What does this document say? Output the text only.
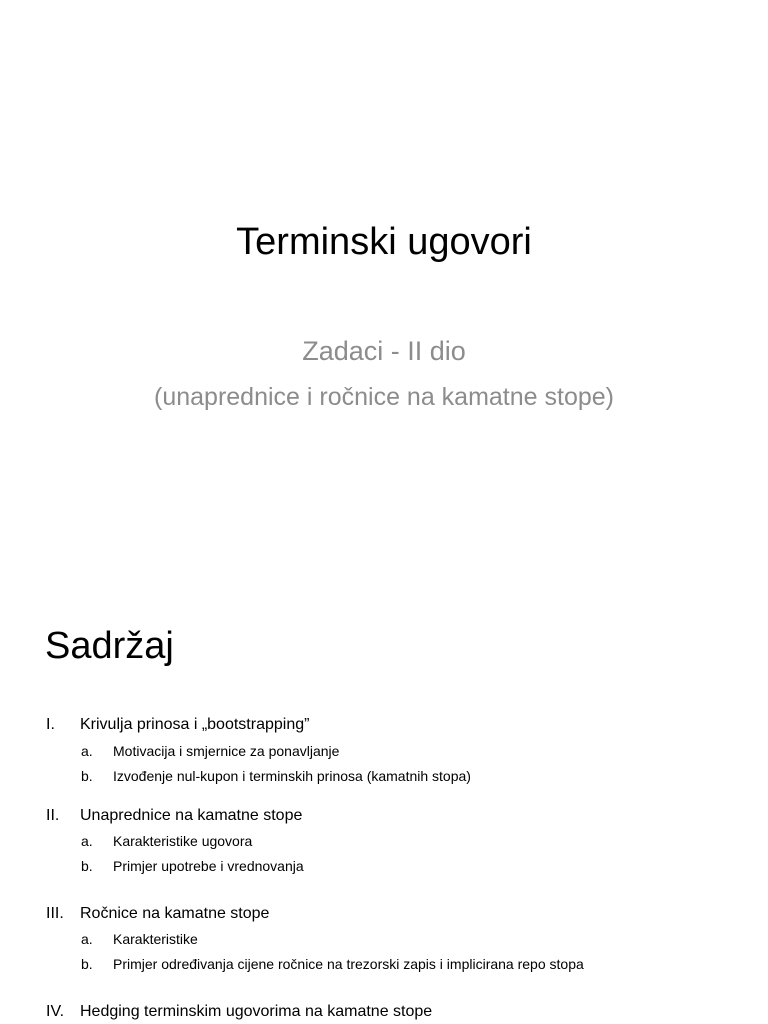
Terminski ugovori
Zadaci - II dio
(unapredniсe i ročnice na kamatne stope)
Sadržaj
I. Krivulja prinosa i „bootstrapping”
a. Motivacija i smjernice za ponavljanje
b. Izvođenje nul-kupon i terminskih prinosa (kamatnih stopa)
II. Unapredniсe na kamatne stope
a. Karakteristike ugovora
b. Primjer upotrebe i vrednovanja
III. Ročnice na kamatne stope
a. Karakteristike
b. Primjer određivanja cijene ročnice na trezorski zapis i implicirana repo stopa
IV. Hedging terminskim ugovorima na kamatne stope
